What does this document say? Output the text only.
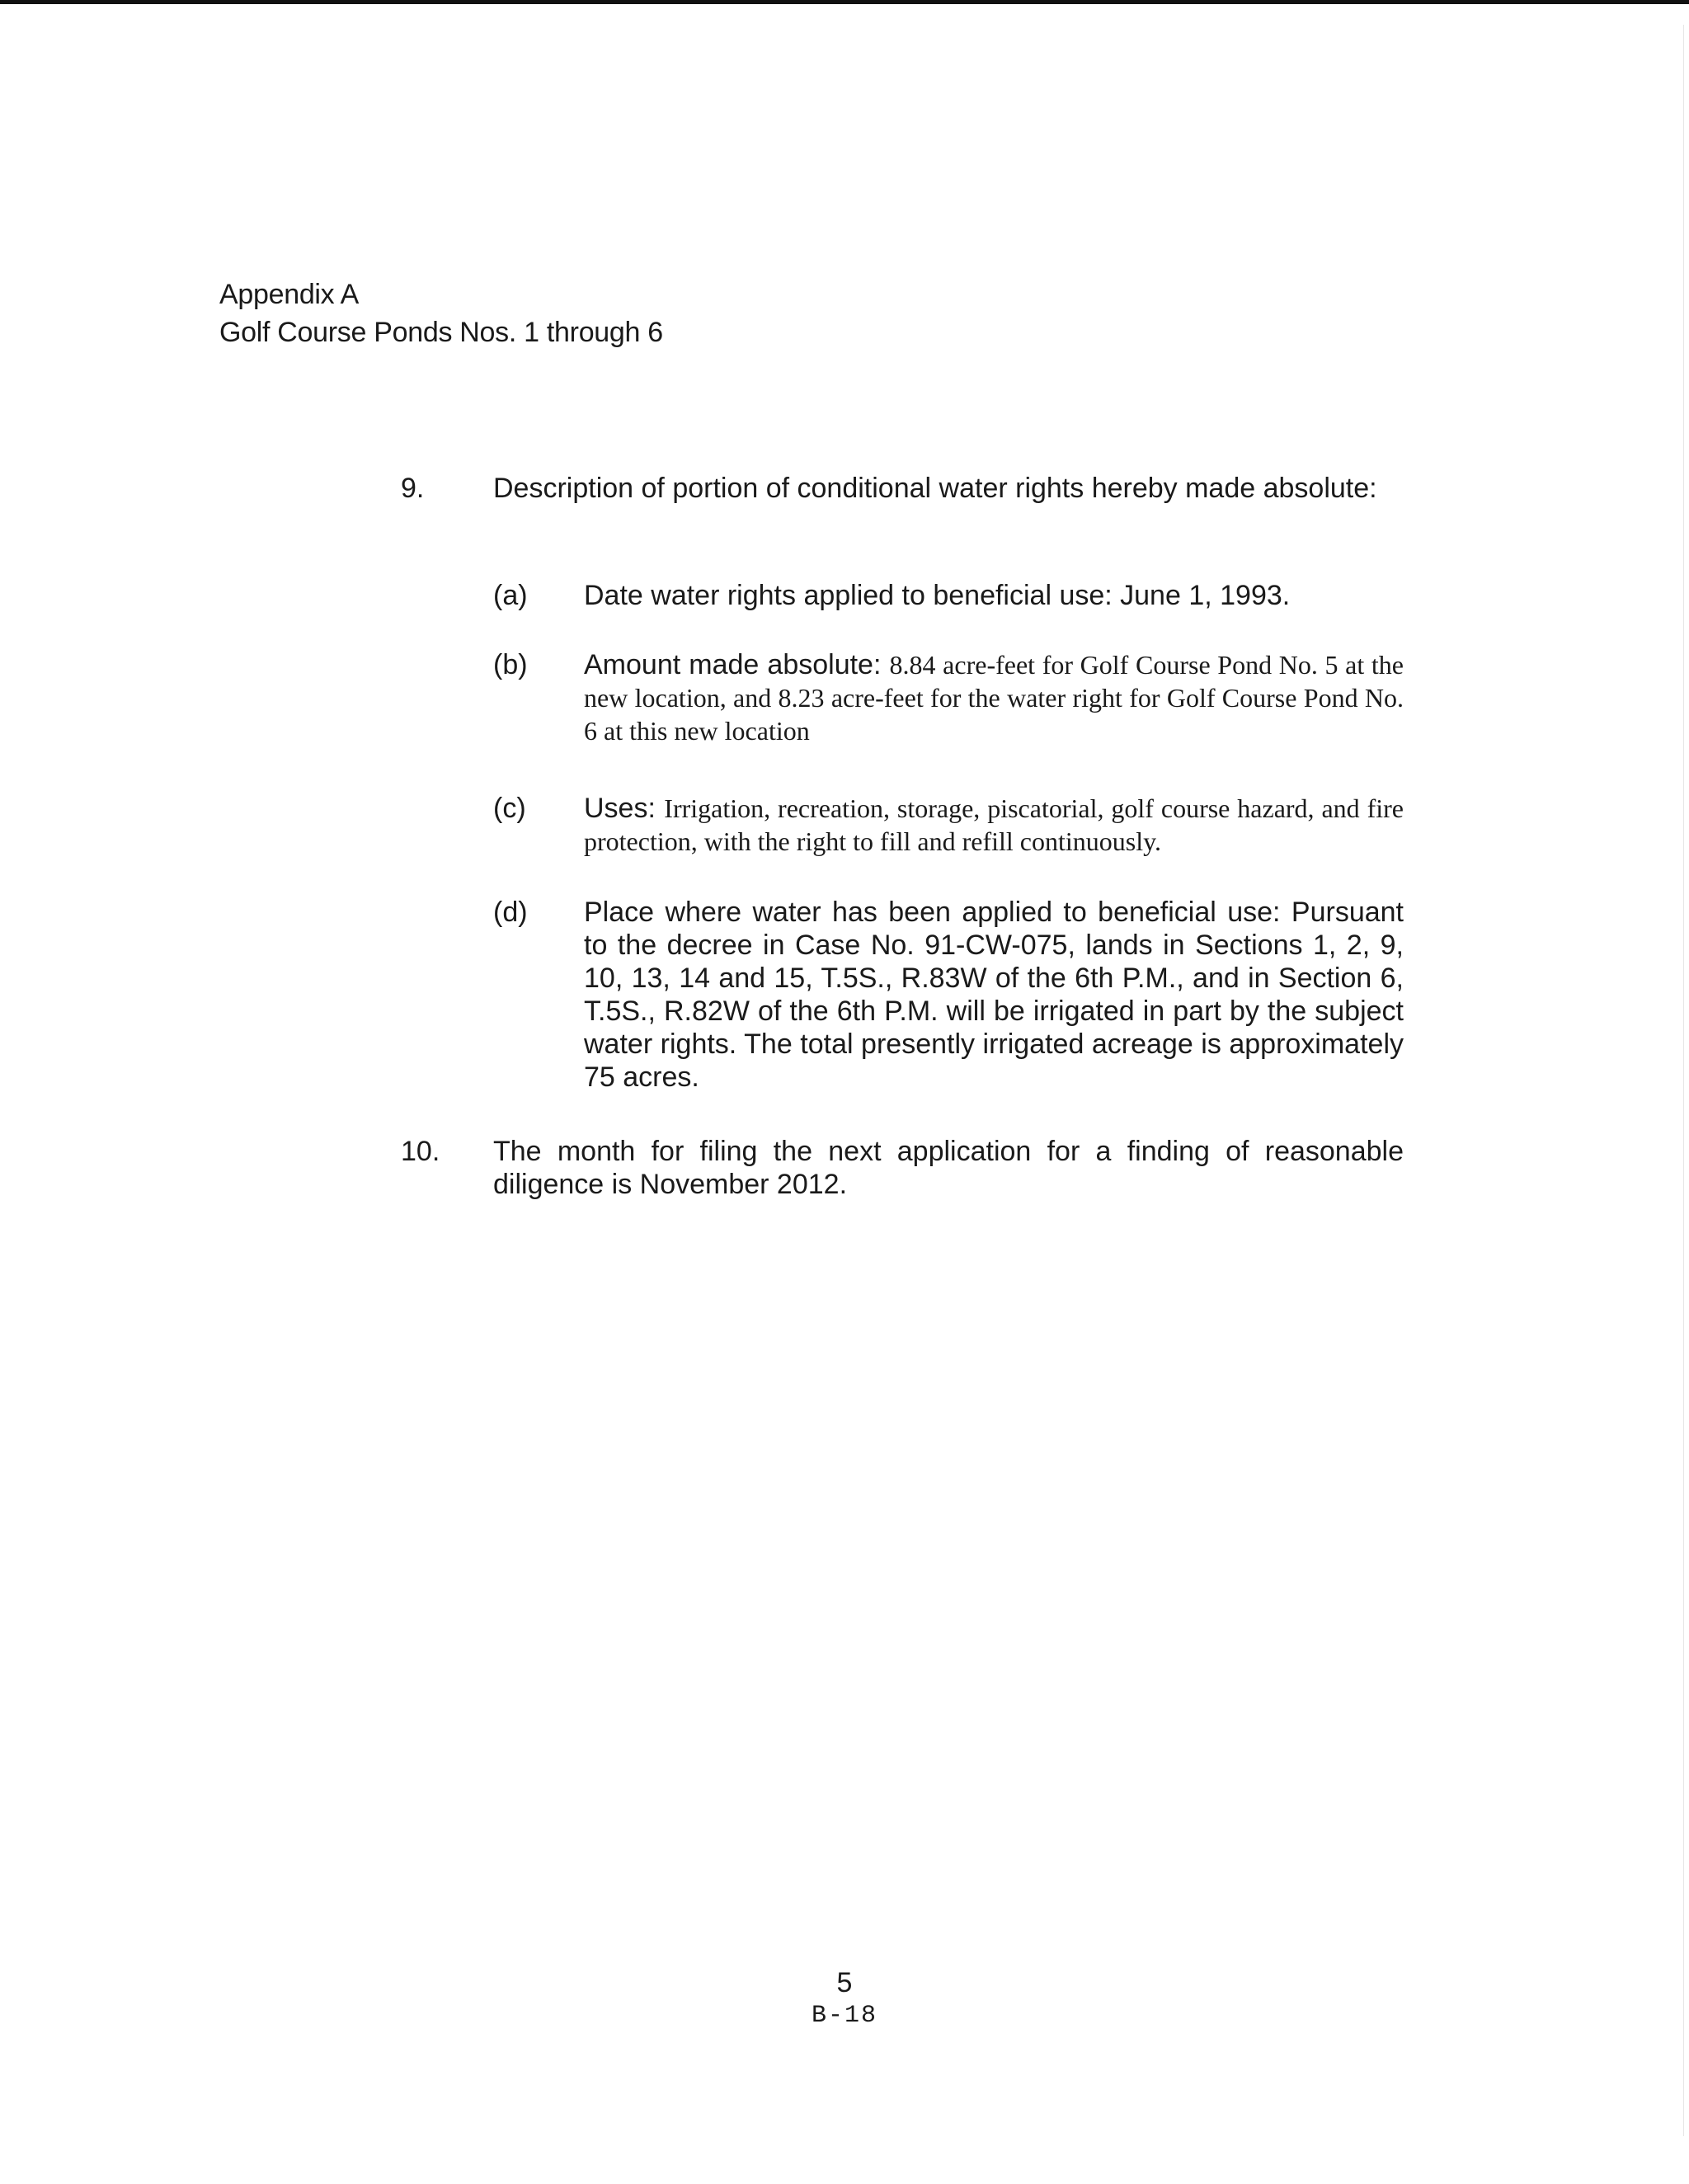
Appendix A
Golf Course Ponds Nos. 1 through 6
9. Description of portion of conditional water rights hereby made absolute:
(a) Date water rights applied to beneficial use: June 1, 1993.
(b) Amount made absolute: 8.84 acre-feet for Golf Course Pond No. 5 at the new location, and 8.23 acre-feet for the water right for Golf Course Pond No. 6 at this new location
(c) Uses: Irrigation, recreation, storage, piscatorial, golf course hazard, and fire protection, with the right to fill and refill continuously.
(d) Place where water has been applied to beneficial use: Pursuant to the decree in Case No. 91-CW-075, lands in Sections 1, 2, 9, 10, 13, 14 and 15, T.5S., R.83W of the 6th P.M., and in Section 6, T.5S., R.82W of the 6th P.M. will be irrigated in part by the subject water rights. The total presently irrigated acreage is approximately 75 acres.
10. The month for filing the next application for a finding of reasonable diligence is November 2012.
5
B-18
